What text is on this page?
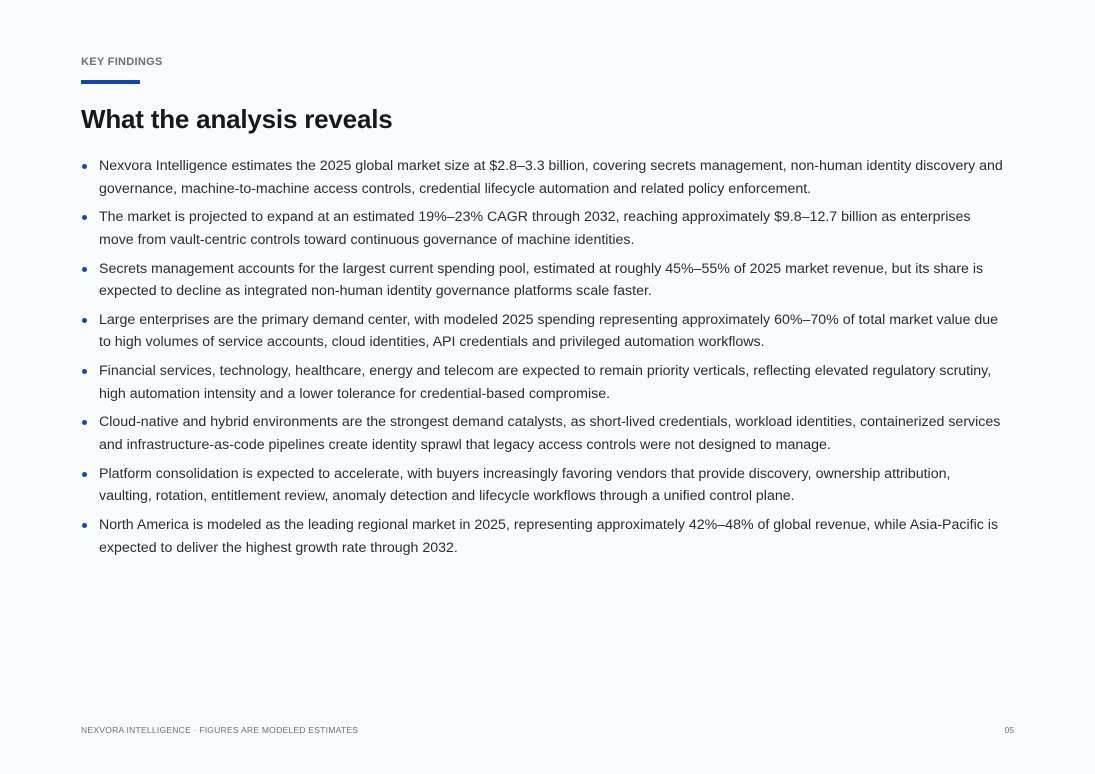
KEY FINDINGS
What the analysis reveals
Nexvora Intelligence estimates the 2025 global market size at $2.8–3.3 billion, covering secrets management, non-human identity discovery and governance, machine-to-machine access controls, credential lifecycle automation and related policy enforcement.
The market is projected to expand at an estimated 19%–23% CAGR through 2032, reaching approximately $9.8–12.7 billion as enterprises move from vault-centric controls toward continuous governance of machine identities.
Secrets management accounts for the largest current spending pool, estimated at roughly 45%–55% of 2025 market revenue, but its share is expected to decline as integrated non-human identity governance platforms scale faster.
Large enterprises are the primary demand center, with modeled 2025 spending representing approximately 60%–70% of total market value due to high volumes of service accounts, cloud identities, API credentials and privileged automation workflows.
Financial services, technology, healthcare, energy and telecom are expected to remain priority verticals, reflecting elevated regulatory scrutiny, high automation intensity and a lower tolerance for credential-based compromise.
Cloud-native and hybrid environments are the strongest demand catalysts, as short-lived credentials, workload identities, containerized services and infrastructure-as-code pipelines create identity sprawl that legacy access controls were not designed to manage.
Platform consolidation is expected to accelerate, with buyers increasingly favoring vendors that provide discovery, ownership attribution, vaulting, rotation, entitlement review, anomaly detection and lifecycle workflows through a unified control plane.
North America is modeled as the leading regional market in 2025, representing approximately 42%–48% of global revenue, while Asia-Pacific is expected to deliver the highest growth rate through 2032.
NEXVORA INTELLIGENCE · FIGURES ARE MODELED ESTIMATES	05
